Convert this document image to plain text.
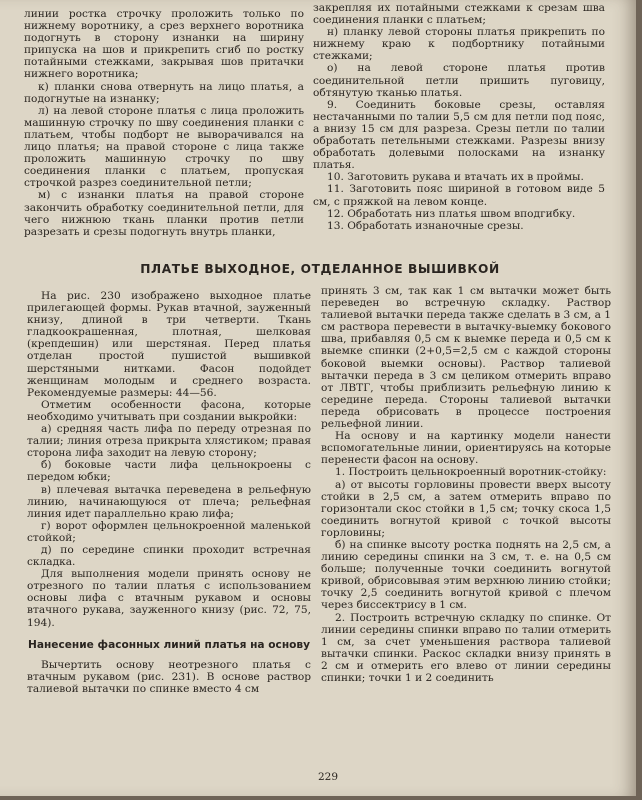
линии ростка строчку проложить только по нижнему воротнику, а срез верхнего воротника подогнуть в сторону изнанки на ширину припуска на шов и прикрепить сгиб по ростку потайными стежками, закрывая шов притачки нижнего воротника;

к) планки снова отвернуть на лицо платья, а подогнутые на изнанку;

л) на левой стороне платья с лица проложить машинную строчку по шву соединения планки с платьем, чтобы подборт не выворачивался на лицо платья; на правой стороне с лица также проложить машинную строчку по шву соединения планки с платьем, пропуская строчкой разрез соединительной петли;

м) с изнанки платья на правой стороне закончить обработку соединительной петли, для чего нижнюю ткань планки против петли разрезать и срезы подогнуть внутрь планки,

закрепляя их потайными стежками к срезам шва соединения планки с платьем;

н) планку левой стороны платья прикрепить по нижнему краю к подбортнику потайными стежками;

о) на левой стороне платья против соединительной петли пришить пуговицу, обтянутую тканью платья.

9. Соединить боковые срезы, оставляя нестачанными по талии 5,5 см для петли под пояс, а внизу 15 см для разреза. Срезы петли по талии обработать петельными стежками. Разрезы внизу обработать долевыми полосками на изнанку платья.

10. Заготовить рукава и втачать их в проймы.

11. Заготовить пояс шириной в готовом виде 5 см, с пряжкой на левом конце.

12. Обработать низ платья швом вподгибку.

13. Обработать изнаночные срезы.

ПЛАТЬЕ ВЫХОДНОЕ, ОТДЕЛАННОЕ ВЫШИВКОЙ

На рис. 230 изображено выходное платье прилегающей формы. Рукав втачной, зауженный книзу, длиной в три четверти. Ткань гладкоокрашенная, плотная, шелковая (крепдешин) или шерстяная. Перед платья отделан простой пушистой вышивкой шерстяными нитками. Фасон подойдет женщинам молодым и среднего возраста. Рекомендуемые размеры: 44—56.

Отметим особенности фасона, которые необходимо учитывать при создании выкройки:

а) средняя часть лифа по переду отрезная по талии; линия отреза прикрыта хлястиком; правая сторона лифа заходит на левую сторону;

б) боковые части лифа цельнокроены с передом юбки;

в) плечевая вытачка переведена в рельефную линию, начинающуюся от плеча; рельефная линия идет параллельно краю лифа;

г) ворот оформлен цельнокроенной маленькой стойкой;

д) по середине спинки проходит встречная складка.

Для выполнения модели принять основу не отрезного по талии платья с использованием основы лифа с втачным рукавом и основы втачного рукава, зауженного книзу (рис. 72, 75, 194).

Нанесение фасонных линий платья на основу

Вычертить основу неотрезного платья с втачным рукавом (рис. 231). В основе раствор талиевой вытачки по спинке вместо 4 см

принять 3 см, так как 1 см вытачки может быть переведен во встречную складку. Раствор талиевой вытачки переда также сделать в 3 см, а 1 см раствора перевести в вытачку-выемку бокового шва, прибавляя 0,5 см к выемке переда и 0,5 см к выемке спинки (2+0,5=2,5 см с каждой стороны боковой выемки основы). Раствор талиевой вытачки переда в 3 см целиком отмерить вправо от ЛВТГ, чтобы приблизить рельефную линию к середине переда. Стороны талиевой вытачки переда обрисовать в процессе построения рельефной линии.

На основу и на картинку модели нанести вспомогательные линии, ориентируясь на которые перенести фасон на основу.

1. Построить цельнокроенный воротник-стойку:

а) от высоты горловины провести вверх высоту стойки в 2,5 см, а затем отмерить вправо по горизонтали скос стойки в 1,5 см; точку скоса 1,5 соединить вогнутой кривой с точкой высоты горловины;

б) на спинке высоту ростка поднять на 2,5 см, а линию середины спинки на 3 см, т. е. на 0,5 см больше; полученные точки соединить вогнутой кривой, обрисовывая этим верхнюю линию стойки; точку 2,5 соединить вогнутой кривой с плечом через биссектрису в 1 см.

2. Построить встречную складку по спинке. От линии середины спинки вправо по талии отмерить 1 см, за счет уменьшения раствора талиевой вытачки спинки. Раскос складки внизу принять в 2 см и отмерить его влево от линии середины спинки; точки 1 и 2 соединить

229
